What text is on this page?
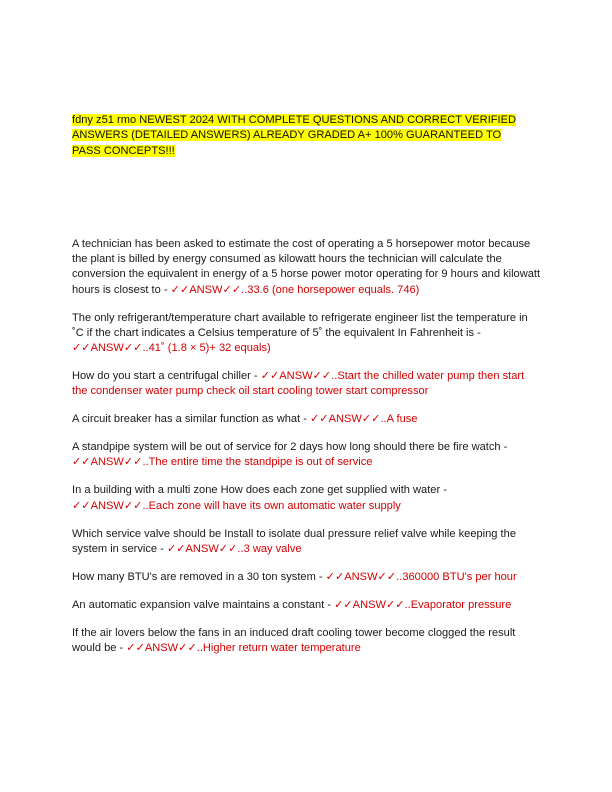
fdny z51 rmo NEWEST 2024 WITH COMPLETE QUESTIONS AND CORRECT VERIFIED ANSWERS (DETAILED ANSWERS) ALREADY GRADED A+ 100% GUARANTEED TO PASS CONCEPTS!!!

A technician has been asked to estimate the cost of operating a 5 horsepower motor because the plant is billed by energy consumed as kilowatt hours the technician will calculate the conversion the equivalent in energy of a 5 horse power motor operating for 9 hours and kilowatt hours is closest to - ✓✓ANSW✓✓..33.6 (one horsepower equals. 746)

The only refrigerant/temperature chart available to refrigerate engineer list the temperature in ˚C if the chart indicates a Celsius temperature of 5˚ the equivalent In Fahrenheit is - ✓✓ANSW✓✓..41˚ (1.8 × 5)+ 32 equals)

How do you start a centrifugal chiller - ✓✓ANSW✓✓..Start the chilled water pump then start the condenser water pump check oil start cooling tower start compressor

A circuit breaker has a similar function as what - ✓✓ANSW✓✓..A fuse

A standpipe system will be out of service for 2 days how long should there be fire watch - ✓✓ANSW✓✓..The entire time the standpipe is out of service

In a building with a multi zone How does each zone get supplied with water - ✓✓ANSW✓✓..Each zone will have its own automatic water supply

Which service valve should be Install to isolate dual pressure relief valve while keeping the system in service - ✓✓ANSW✓✓..3 way valve

How many BTU's are removed in a 30 ton system - ✓✓ANSW✓✓..360000 BTU's per hour

An automatic expansion valve maintains a constant - ✓✓ANSW✓✓..Evaporator pressure

If the air lovers below the fans in an induced draft cooling tower become clogged the result would be - ✓✓ANSW✓✓..Higher return water temperature
